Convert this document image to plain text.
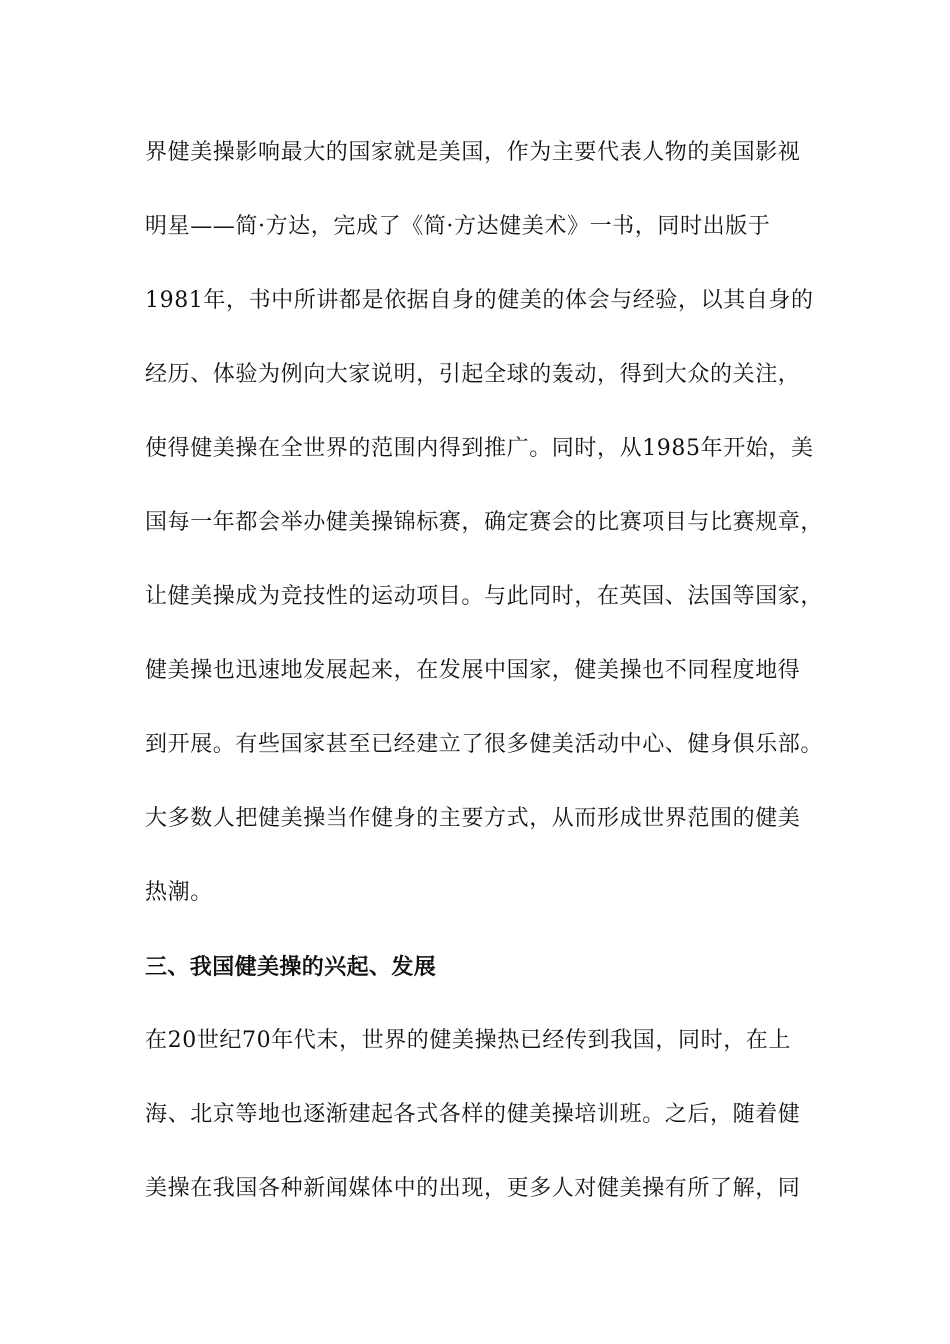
界健美操影响最大的国家就是美国，作为主要代表人物的美国影视
明星——简·方达，完成了《简·方达健美术》一书，同时出版于
1981年，书中所讲都是依据自身的健美的体会与经验，以其自身的
经历、体验为例向大家说明，引起全球的轰动，得到大众的关注，
使得健美操在全世界的范围内得到推广。同时，从1985年开始，美
国每一年都会举办健美操锦标赛，确定赛会的比赛项目与比赛规章，
让健美操成为竞技性的运动项目。与此同时，在英国、法国等国家，
健美操也迅速地发展起来，在发展中国家，健美操也不同程度地得
到开展。有些国家甚至已经建立了很多健美活动中心、健身俱乐部。
大多数人把健美操当作健身的主要方式，从而形成世界范围的健美
热潮。
三、我国健美操的兴起、发展
在20世纪70年代末，世界的健美操热已经传到我国，同时，在上
海、北京等地也逐渐建起各式各样的健美操培训班。之后，随着健
美操在我国各种新闻媒体中的出现，更多人对健美操有所了解，同
